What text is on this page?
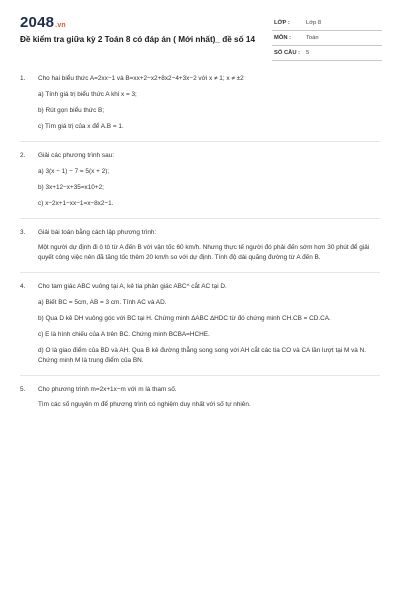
2048.vn
Đề kiểm tra giữa kỳ 2 Toán 8 có đáp án ( Mới nhất)_ đề số 14
LỚP :	Lớp 8
MÔN :	Toán
SỐ CÂU : 5
1.	Cho hai biểu thức A=2xx−1 và B=xx+2−x2+8x2−4+3x−2 với x ≠ 1; x ≠ ±2
a) Tính giá trị biểu thức A khi x = 3;
b) Rút gọn biểu thức B;
c) Tìm giá trị của x để A.B = 1.
2.	Giải các phương trình sau:
a) 3(x − 1) − 7 = 5(x + 2);
b) 3x+12−x+35=x10+2;
c) x−2x+1−xx−1=x−8x2−1.
3.	Giải bài toán bằng cách lập phương trình:
Một người dự định đi ô tô từ A đến B với vận tốc 60 km/h. Nhưng thực tế người đó phải đến sớm hơn 30 phút để giải quyết công việc nên đã tăng tốc thêm 20 km/h so với dự định. Tính độ dài quãng đường từ A đến B.
4.	Cho tam giác ABC vuông tại A, kẻ tia phân giác ABC^ cắt AC tại D.
a) Biết BC = 5cm, AB = 3 cm. Tính AC và AD.
b) Qua D kẻ DH vuông góc với BC tại H. Chứng minh ∆ABC ∆HDC từ đó chứng minh CH.CB = CD.CA.
c) E là hình chiếu của A trên BC. Chứng minh BCBA=HCHE.
d) O là giao điểm của BD và AH. Qua B kẻ đường thẳng song song với AH cắt các tia CO và CA lần lượt tại M và N. Chứng minh M là trung điểm của BN.
5.	Cho phương trình m=2x+1x−m với m là tham số.
Tìm các số nguyên m để phương trình có nghiệm duy nhất với số tự nhiên.
